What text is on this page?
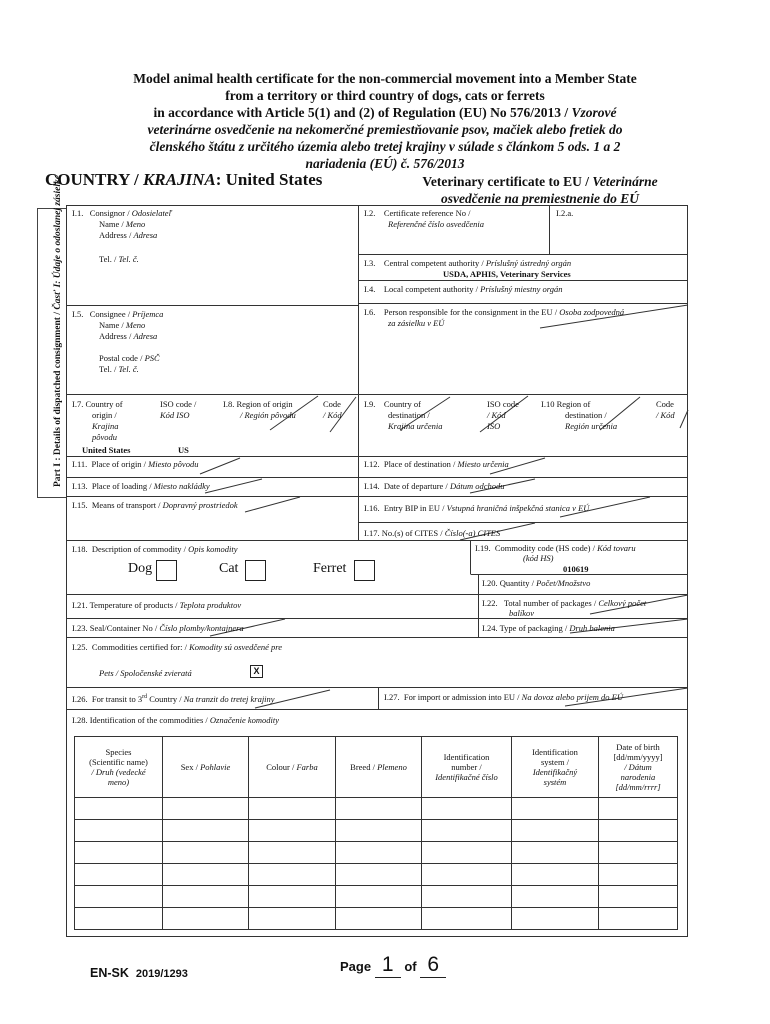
Model animal health certificate for the non-commercial movement into a Member State
from a territory or third country of dogs, cats or ferrets
in accordance with Article 5(1) and (2) of Regulation (EU) No 576/2013 / Vzorové
veterinárne osvedčenie na nekomerčné premiestňovanie psov, mačiek alebo fretiek do
členského štátu z určitého územia alebo tretej krajiny v súlade s článkom 5 ods. 1 a 2
nariadenia (EÚ) č. 576/2013
COUNTRY / KRAJINA: United States	Veterinary certificate to EU / Veterinárne
osvedčenie na premiestnenie do EÚ
Part I : Details of dispatched consignment / Časť I: Údaje o odoslanej zásielke I.1. Consignor / Odosielateľ
Name / Meno
Address / Adresa
Tel. / Tel. č.
I.2. Certificate reference No /
Referenčné číslo osvedčenia
I.2.a.
I.3. Central competent authority / Príslušný ústredný orgán
USDA, APHIS, Veterinary Services
I.4. Local competent authority / Príslušný miestny orgán
I.5. Consignee / Príjemca
Name / Meno
Address / Adresa
Postal code / PSČ
Tel. / Tel. č.
I.6. Person responsible for the consignment in the EU / Osoba zodpovedná
za zásielku v EÚ
I.7. Country of
origin /
Krajina
pôvodu
ISO code /
Kód ISO
United States	US
I.8. Region of origin
/ Región pôvodu
Code
/ Kód
I.9. Country of
destination /
Krajina určenia
ISO code
/ Kód
ISO
I.10 Region of
destination /
Región určenia
Code
/ Kód
I.11. Place of origin / Miesto pôvodu	I.12. Place of destination / Miesto určenia
I.13. Place of loading / Miesto nakládky	I.14. Date of departure / Dátum odchodu
I.15. Means of transport / Dopravný prostriedok	I.16. Entry BIP in EU / Vstupná hraničná inšpekčná stanica v EÚ
I.17. No.(s) of CITES / Číslo(-a) CITES
I.18. Description of commodity / Opis komodity
Dog	Cat	Ferret
I.19. Commodity code (HS code) / Kód tovaru
(kód HS)
010619
I.20. Quantity / Počet/Množstvo
I.21. Temperature of products / Teplota produktov	I.22. Total number of packages / Celkový počet
balíkov
I.23. Seal/Container No / Číslo plomby/kontajnera	I.24. Type of packaging / Druh balenia
I.25. Commodities certified for: / Komodity sú osvedčené pre
Pets / Spoločenské zvieratá	X
I.26. For transit to 3rd Country / Na tranzit do tretej krajiny	I.27. For import or admission into EU / Na dovoz alebo prijem do EÚ
I.28. Identification of the commodities / Označenie komodity
Species
(Scientific name)
/ Druh (vedecké
meno)	Sex / Pohlavie	Colour / Farba	Breed / Plemeno	Identification
number /
Identifikačné číslo	Identification
system /
Identifikačný
systém	Date of birth
[dd/mm/yyyy]
/ Dátum
narodenia
[dd/mm/rrrr]

EN-SK 2019/1293	Page 1 of 6
